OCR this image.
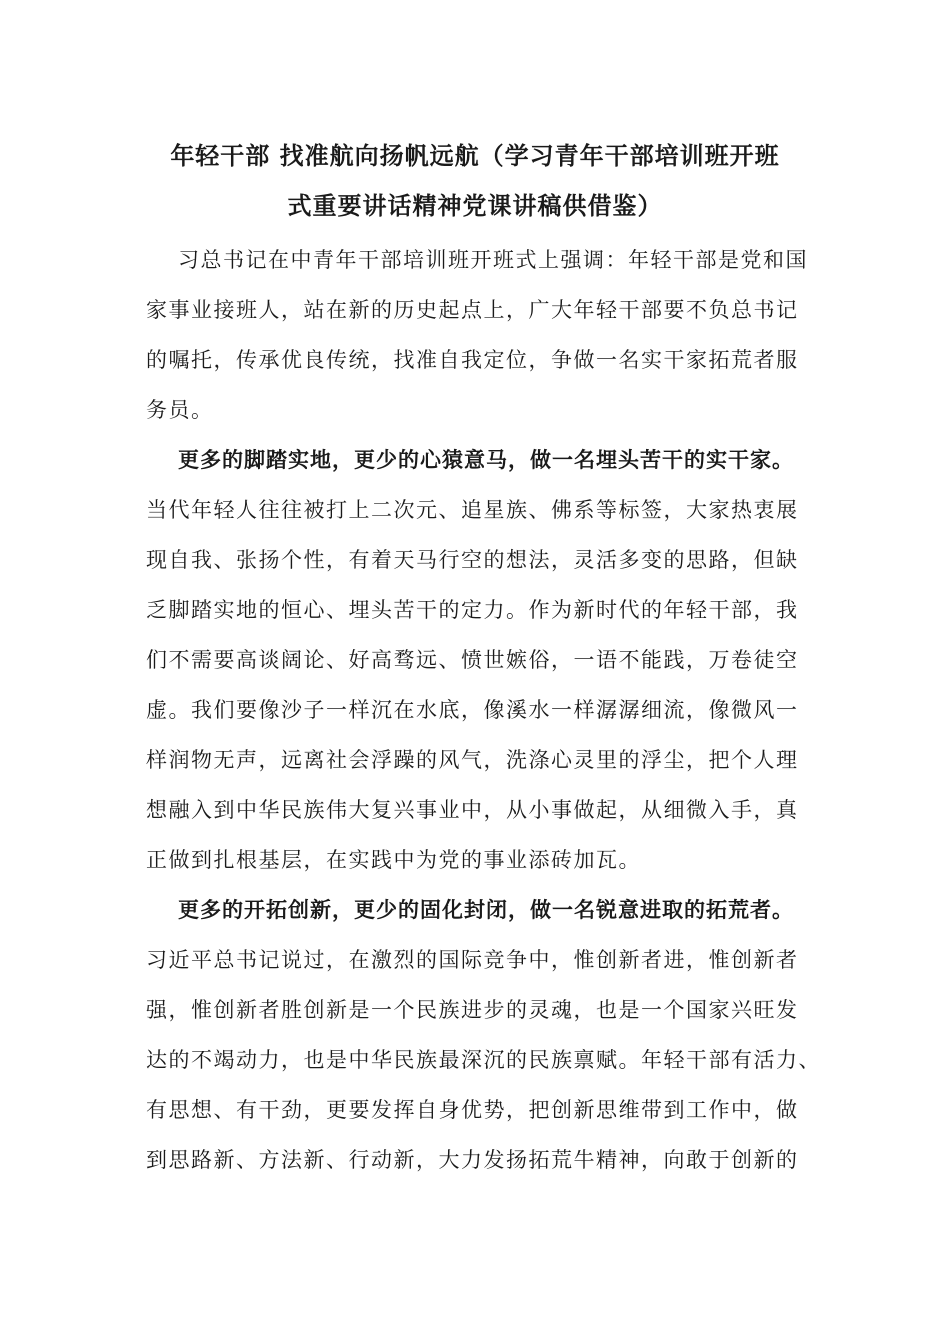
年轻干部 找准航向扬帆远航（学习青年干部培训班开班
式重要讲话精神党课讲稿供借鉴）
习总书记在中青年干部培训班开班式上强调：年轻干部是党和国
家事业接班人，站在新的历史起点上，广大年轻干部要不负总书记
的嘱托，传承优良传统，找准自我定位，争做一名实干家拓荒者服
务员。
更多的脚踏实地，更少的心猿意马，做一名埋头苦干的实干家。
当代年轻人往往被打上二次元、追星族、佛系等标签，大家热衷展
现自我、张扬个性，有着天马行空的想法，灵活多变的思路，但缺
乏脚踏实地的恒心、埋头苦干的定力。作为新时代的年轻干部，我
们不需要高谈阔论、好高骛远、愤世嫉俗，一语不能践，万卷徒空
虚。我们要像沙子一样沉在水底，像溪水一样潺潺细流，像微风一
样润物无声，远离社会浮躁的风气，洗涤心灵里的浮尘，把个人理
想融入到中华民族伟大复兴事业中，从小事做起，从细微入手，真
正做到扎根基层，在实践中为党的事业添砖加瓦。
更多的开拓创新，更少的固化封闭，做一名锐意进取的拓荒者。
习近平总书记说过，在激烈的国际竞争中，惟创新者进，惟创新者
强，惟创新者胜创新是一个民族进步的灵魂，也是一个国家兴旺发
达的不竭动力，也是中华民族最深沉的民族禀赋。年轻干部有活力、
有思想、有干劲，更要发挥自身优势，把创新思维带到工作中，做
到思路新、方法新、行动新，大力发扬拓荒牛精神，向敢于创新的
